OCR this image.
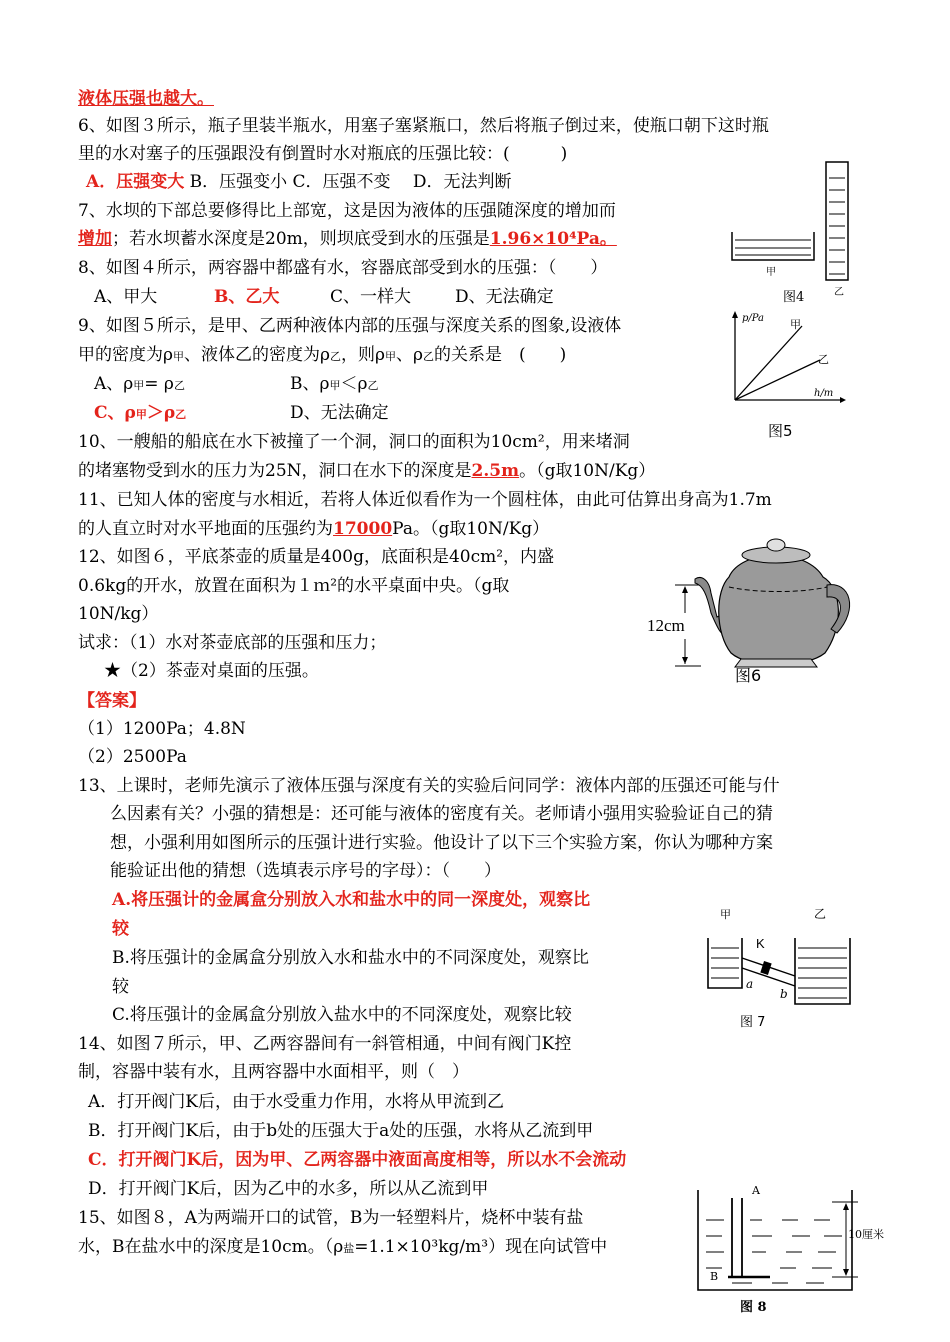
液体压强也越大。
6、如图３所示，瓶子里装半瓶水，用塞子塞紧瓶口，然后将瓶子倒过来，使瓶口朝下这时瓶
里的水对塞子的压强跟没有倒置时水对瓶底的压强比较：(　　　)
A．压强变大 B．压强变小 C．压强不变 　D．无法判断
7、水坝的下部总要修得比上部宽，这是因为液体的压强随深度的增加而
增加；若水坝蓄水深度是20m，则坝底受到水的压强是1.96×10⁴Pa。
8、如图４所示，两容器中都盛有水，容器底部受到水的压强：（　　）
A、甲大	B、乙大	C、一样大	D、无法确定
9、如图５所示，是甲、乙两种液体内部的压强与深度关系的图象,设液体
甲的密度为ρ甲、液体乙的密度为ρ乙，则ρ甲、ρ乙的关系是　(　　)
A、ρ甲= ρ乙	B、ρ甲＜ρ乙
C、ρ甲＞ρ乙	D、无法确定
10、一艘船的船底在水下被撞了一个洞，洞口的面积为10cm²，用来堵洞
的堵塞物受到水的压力为25N，洞口在水下的深度是2.5m。（g取10N/Kg）
11、已知人体的密度与水相近，若将人体近似看作为一个圆柱体，由此可估算出身高为1.7m
的人直立时对水平地面的压强约为17000Pa。（g取10N/Kg）
12、如图６，平底茶壶的质量是400g，底面积是40cm²，内盛
0.6kg的开水，放置在面积为１ｍ²的水平桌面中央。（g取
10N/kg）
试求：（1）水对茶壶底部的压强和压力；
★（2）茶壶对桌面的压强。
【答案】
（1）1200Pa；4.8N
（2）2500Pa
13、上课时，老师先演示了液体压强与深度有关的实验后问同学：液体内部的压强还可能与什
么因素有关？小强的猜想是：还可能与液体的密度有关。老师请小强用实验验证自己的猜
想，小强利用如图所示的压强计进行实验。他设计了以下三个实验方案，你认为哪种方案
能验证出他的猜想（选填表示序号的字母）：（　　）
A.将压强计的金属盒分别放入水和盐水中的同一深度处，观察比
较
B.将压强计的金属盒分别放入水和盐水中的不同深度处，观察比
较
C.将压强计的金属盒分别放入盐水中的不同深度处，观察比较
14、如图７所示，甲、乙两容器间有一斜管相通，中间有阀门K控
制，容器中装有水，且两容器中水面相平，则（　）
A．打开阀门K后，由于水受重力作用，水将从甲流到乙
B．打开阀门K后，由于b处的压强大于a处的压强，水将从乙流到甲
C．打开阀门K后，因为甲、乙两容器中液面高度相等，所以水不会流动
D．打开阀门K后，因为乙中的水多，所以从乙流到甲
15、如图８，A为两端开口的试管，B为一轻塑料片，烧杯中装有盐
水，B在盐水中的深度是10cm。（ρ盐=1.1×10³kg/m³）现在向试管中
甲
乙
图4
p/Pa
h/m
甲
乙
图5
12cm
图6
甲	乙
K
a
b
图 7
10厘米
A
B
图 8
